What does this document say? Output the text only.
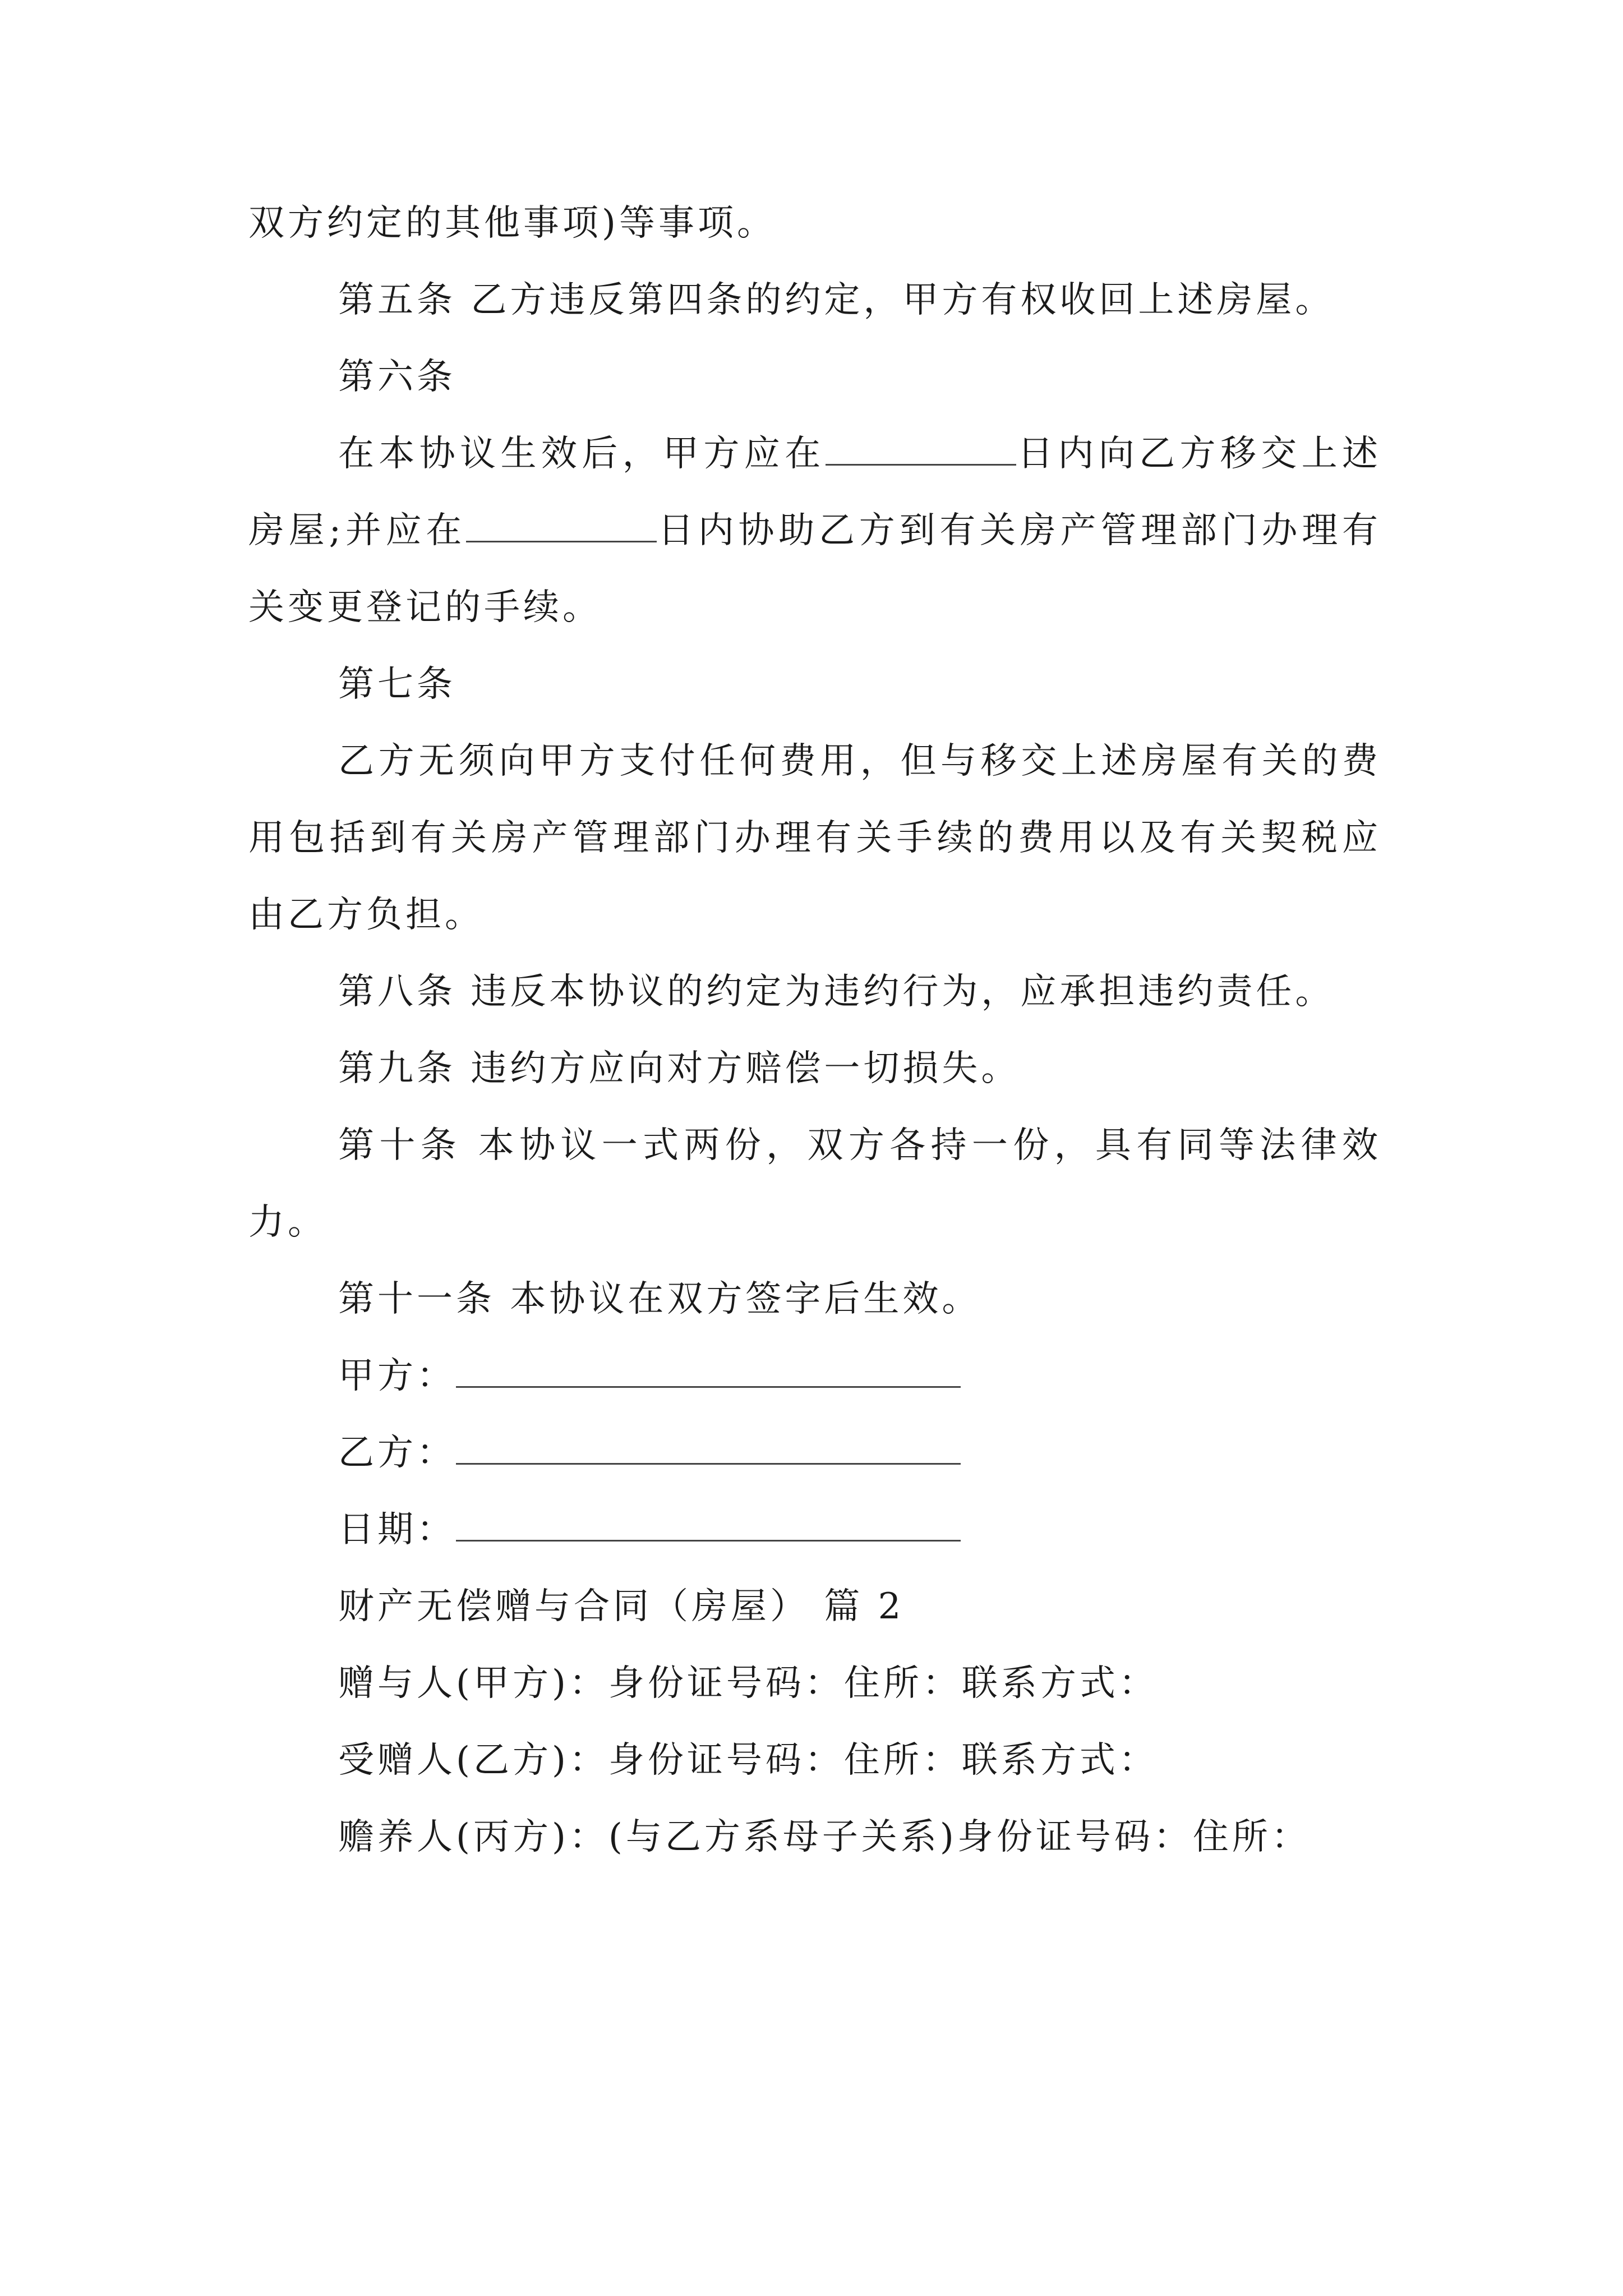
双方约定的其他事项)等事项。

第五条 乙方违反第四条的约定，甲方有权收回上述房屋。

第六条

在本协议生效后，甲方应在	日内向乙方移交上述房屋;并应在	日内协助乙方到有关房产管理部门办理有关变更登记的手续。

第七条

乙方无须向甲方支付任何费用，但与移交上述房屋有关的费用包括到有关房产管理部门办理有关手续的费用以及有关契税应由乙方负担。

第八条 违反本协议的约定为违约行为，应承担违约责任。

第九条 违约方应向对方赔偿一切损失。

第十条 本协议一式两份，双方各持一份，具有同等法律效力。

第十一条 本协议在双方签字后生效。

甲方：
乙方：
日期：

财产无偿赠与合同（房屋） 篇 2

赠与人(甲方)：身份证号码：住所：联系方式：

受赠人(乙方)：身份证号码：住所：联系方式：

赡养人(丙方)：(与乙方系母子关系)身份证号码：住所：
